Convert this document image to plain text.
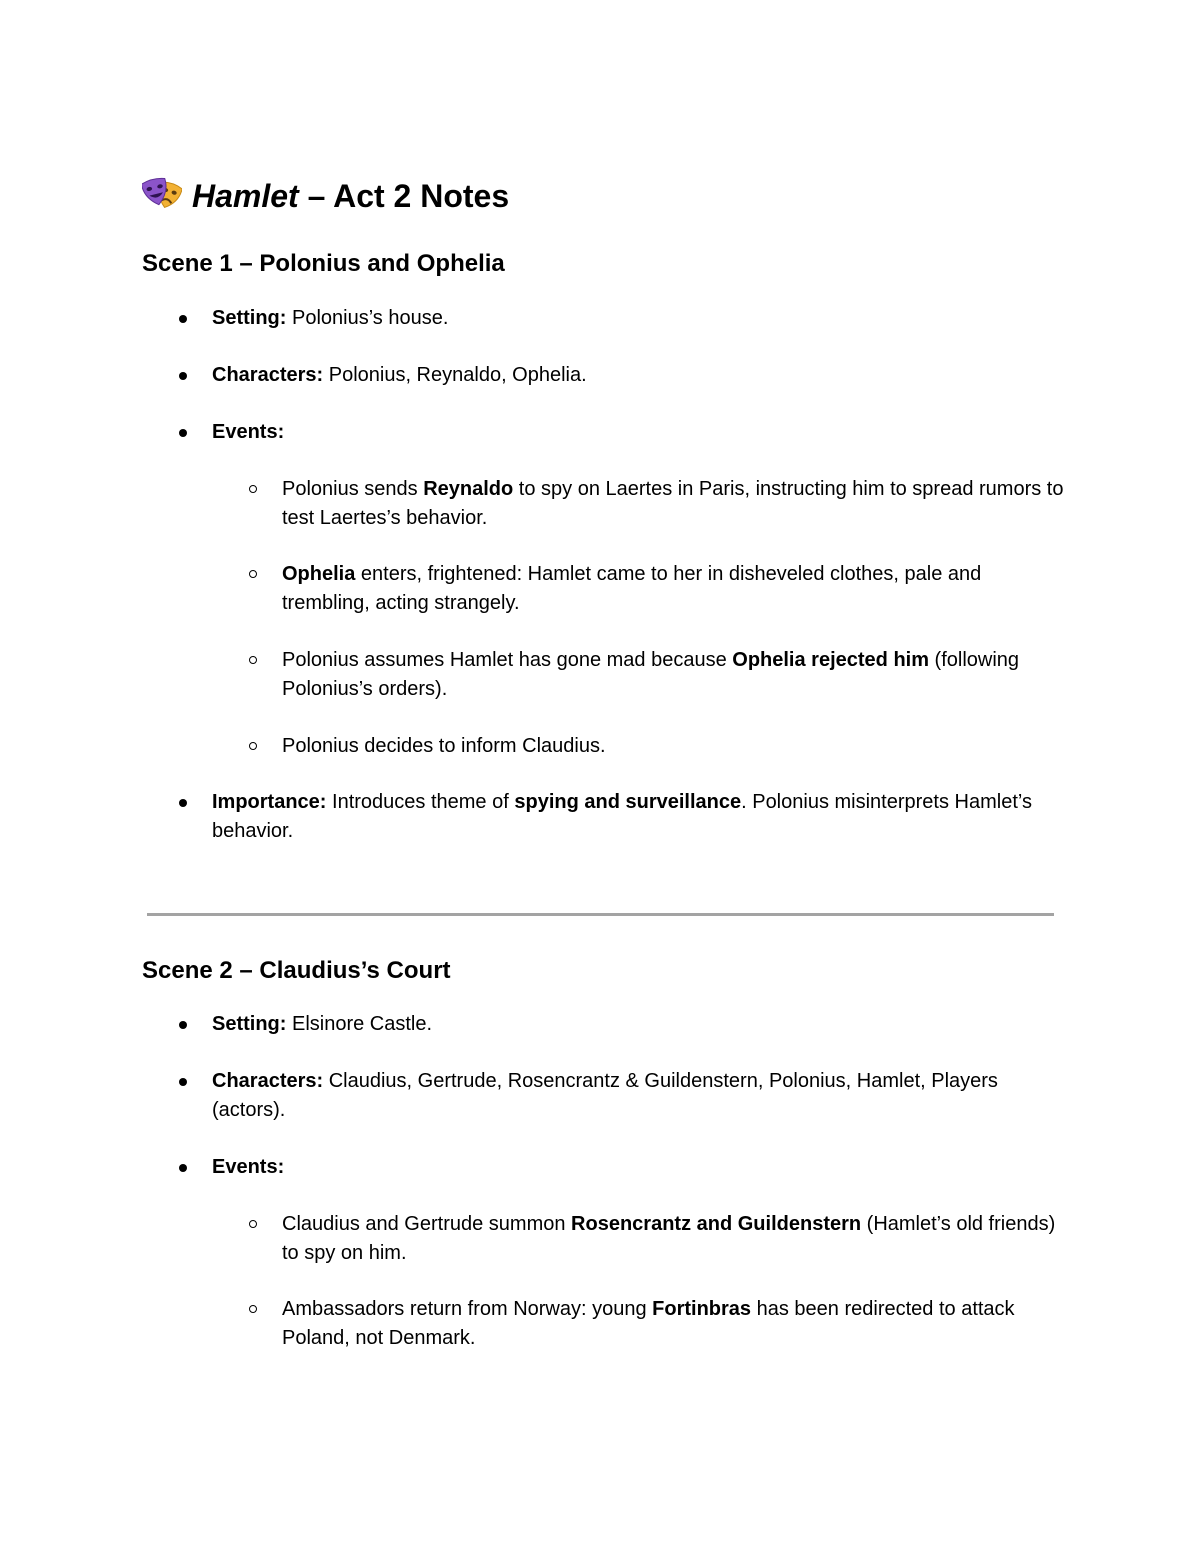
Hamlet – Act 2 Notes
Scene 1 – Polonius and Ophelia
Setting: Polonius’s house.
Characters: Polonius, Reynaldo, Ophelia.
Events:
Polonius sends Reynaldo to spy on Laertes in Paris, instructing him to spread rumors to test Laertes’s behavior.
Ophelia enters, frightened: Hamlet came to her in disheveled clothes, pale and trembling, acting strangely.
Polonius assumes Hamlet has gone mad because Ophelia rejected him (following Polonius’s orders).
Polonius decides to inform Claudius.
Importance: Introduces theme of spying and surveillance. Polonius misinterprets Hamlet’s behavior.
Scene 2 – Claudius’s Court
Setting: Elsinore Castle.
Characters: Claudius, Gertrude, Rosencrantz & Guildenstern, Polonius, Hamlet, Players (actors).
Events:
Claudius and Gertrude summon Rosencrantz and Guildenstern (Hamlet’s old friends) to spy on him.
Ambassadors return from Norway: young Fortinbras has been redirected to attack Poland, not Denmark.
